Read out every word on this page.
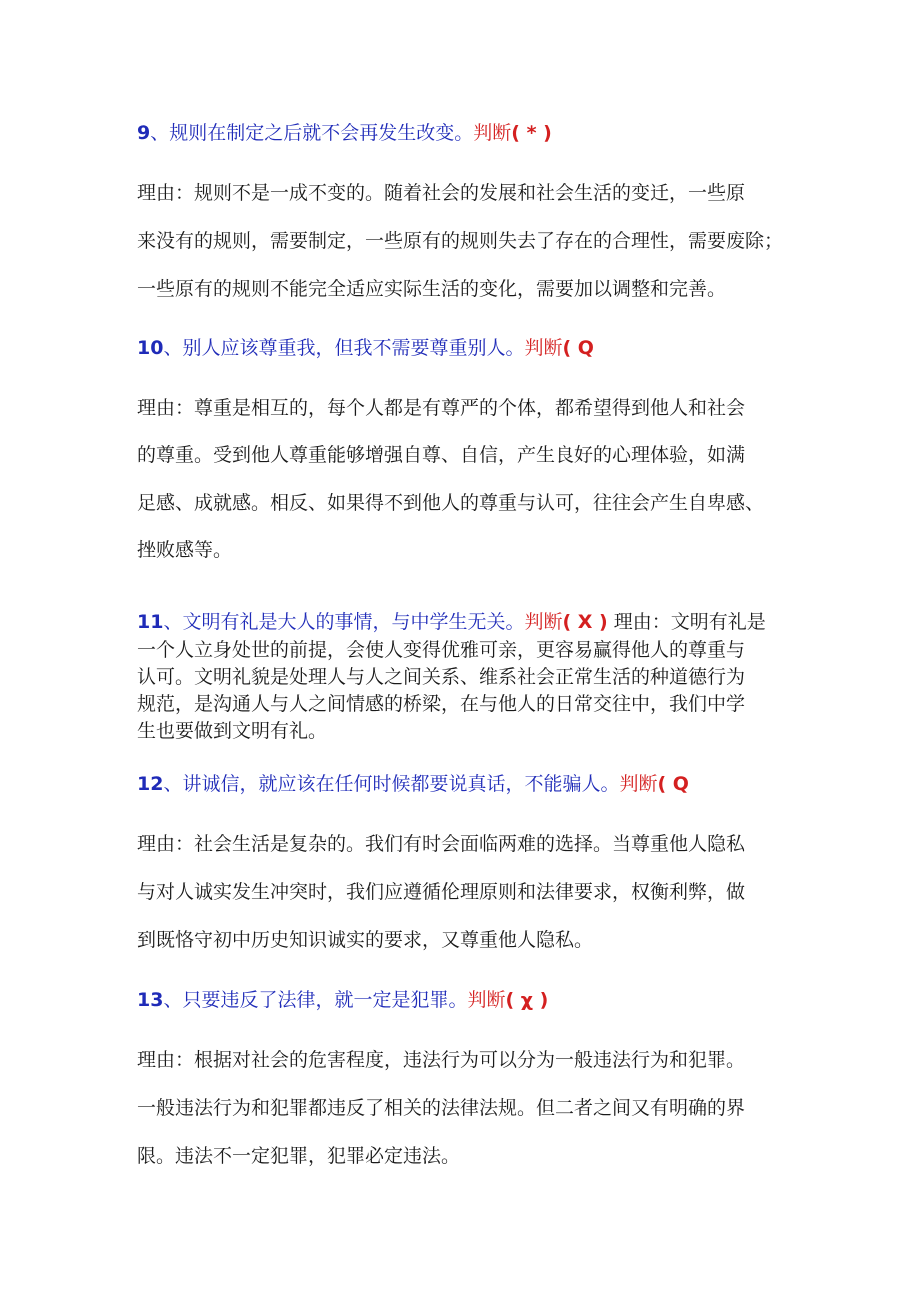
9、规则在制定之后就不会再发生改变。判断( * )
理由：规则不是一成不变的。随着社会的发展和社会生活的变迁，一些原
来没有的规则，需要制定，一些原有的规则失去了存在的合理性，需要废除；
一些原有的规则不能完全适应实际生活的变化，需要加以调整和完善。
10、别人应该尊重我，但我不需要尊重别人。判断( Q
理由：尊重是相互的，每个人都是有尊严的个体，都希望得到他人和社会
的尊重。受到他人尊重能够增强自尊、自信，产生良好的心理体验，如满
足感、成就感。相反、如果得不到他人的尊重与认可，往往会产生自卑感、
挫败感等。
11、文明有礼是大人的事情，与中学生无关。判断( X ) 理由：文明有礼是
一个人立身处世的前提，会使人变得优雅可亲，更容易赢得他人的尊重与
认可。文明礼貌是处理人与人之间关系、维系社会正常生活的种道德行为
规范，是沟通人与人之间情感的桥梁，在与他人的日常交往中，我们中学
生也要做到文明有礼。
12、讲诚信，就应该在任何时候都要说真话，不能骗人。判断( Q
理由：社会生活是复杂的。我们有时会面临两难的选择。当尊重他人隐私
与对人诚实发生冲突时，我们应遵循伦理原则和法律要求，权衡利弊，做
到既恪守初中历史知识诚实的要求，又尊重他人隐私。
13、只要违反了法律，就一定是犯罪。判断( χ )
理由：根据对社会的危害程度，违法行为可以分为一般违法行为和犯罪。
一般违法行为和犯罪都违反了相关的法律法规。但二者之间又有明确的界
限。违法不一定犯罪，犯罪必定违法。
